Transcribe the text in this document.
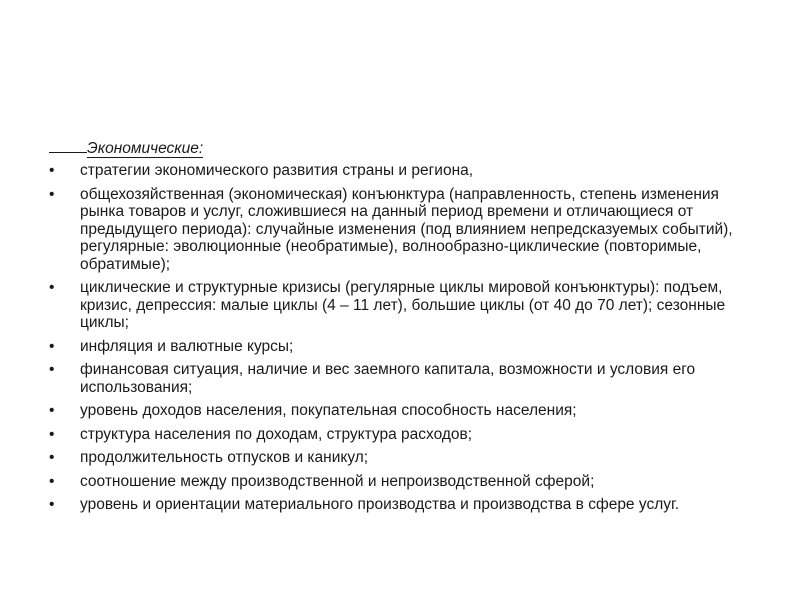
Экономические:
•	стратегии экономического развития страны и региона,
•	общехозяйственная (экономическая) конъюнктура (направленность, степень изменения рынка товаров и услуг, сложившиеся на данный период времени и отличающиеся от предыдущего периода): случайные изменения (под влиянием непредсказуемых событий), регулярные: эволюционные (необратимые), волнообразно-циклические (повторимые, обратимые);
•	циклические и структурные кризисы (регулярные циклы мировой конъюнктуры): подъем, кризис, депрессия: малые циклы (4 – 11 лет), большие циклы (от 40 до 70 лет); сезонные циклы;
•	инфляция и валютные курсы;
•	финансовая ситуация, наличие и вес заемного капитала, возможности и условия его использования;
•	уровень доходов населения, покупательная способность населения;
•	структура населения по доходам, структура расходов;
•	продолжительность отпусков и каникул;
•	соотношение между производственной и непроизводственной сферой;
•	уровень и ориентации материального производства и производства в сфере услуг.
